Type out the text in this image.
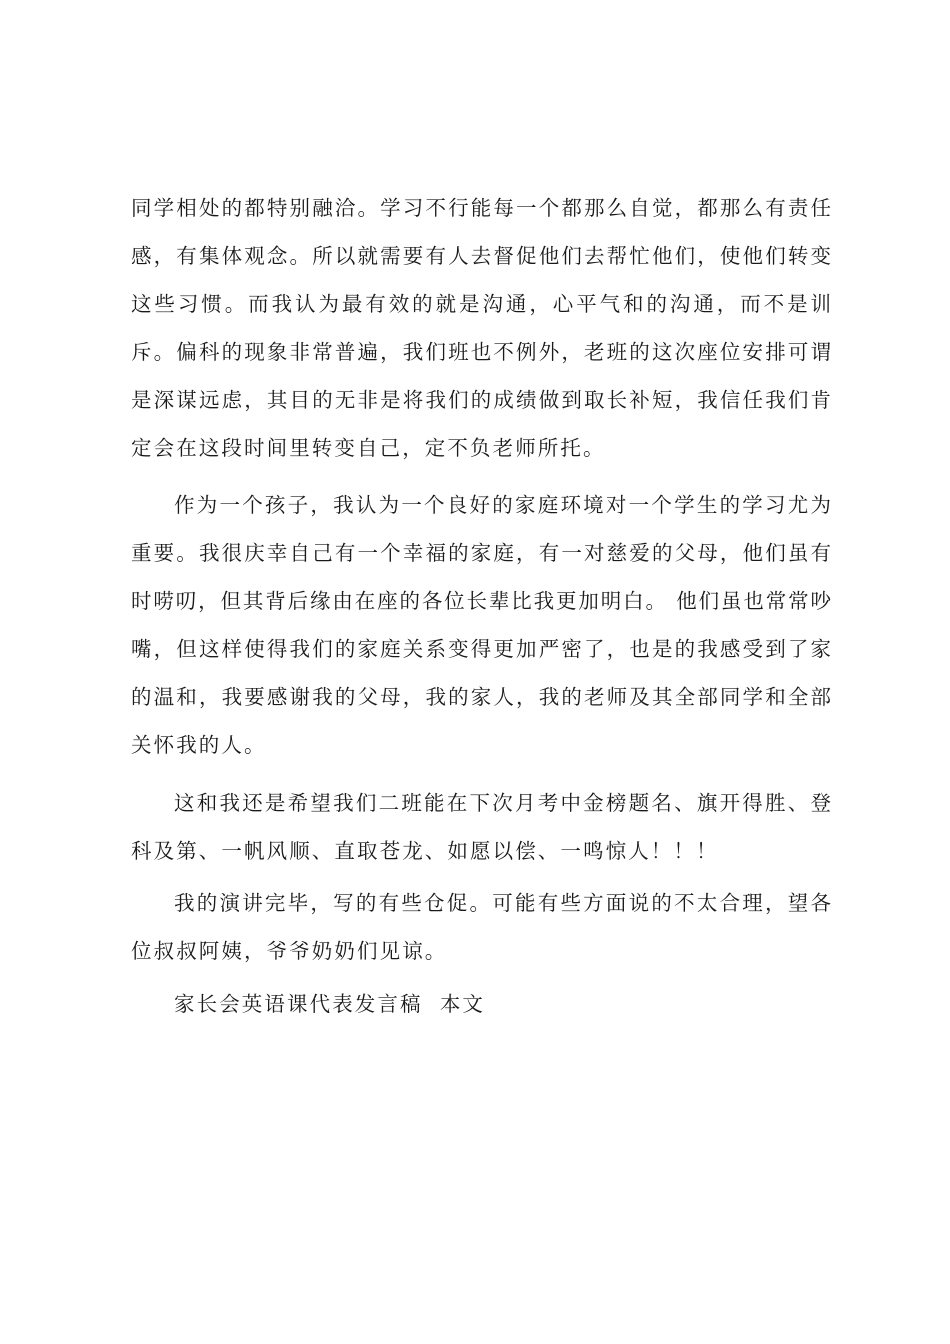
同学相处的都特别融洽。学习不行能每一个都那么自觉，都那么有责任

感，有集体观念。所以就需要有人去督促他们去帮忙他们，使他们转变

这些习惯。而我认为最有效的就是沟通，心平气和的沟通，而不是训

斥。偏科的现象非常普遍，我们班也不例外，老班的这次座位安排可谓

是深谋远虑，其目的无非是将我们的成绩做到取长补短，我信任我们肯

定会在这段时间里转变自己，定不负老师所托。

作为一个孩子，我认为一个良好的家庭环境对一个学生的学习尤为

重要。我很庆幸自己有一个幸福的家庭，有一对慈爱的父母，他们虽有

时唠叨，但其背后缘由在座的各位长辈比我更加明白。 他们虽也常常吵

嘴，但这样使得我们的家庭关系变得更加严密了，也是的我感受到了家

的温和，我要感谢我的父母，我的家人，我的老师及其全部同学和全部

关怀我的人。

这和我还是希望我们二班能在下次月考中金榜题名、旗开得胜、登

科及第、一帆风顺、直取苍龙、如愿以偿、一鸣惊人！！！

我的演讲完毕，写的有些仓促。可能有些方面说的不太合理，望各

位叔叔阿姨，爷爷奶奶们见谅。

家长会英语课代表发言稿  本文
